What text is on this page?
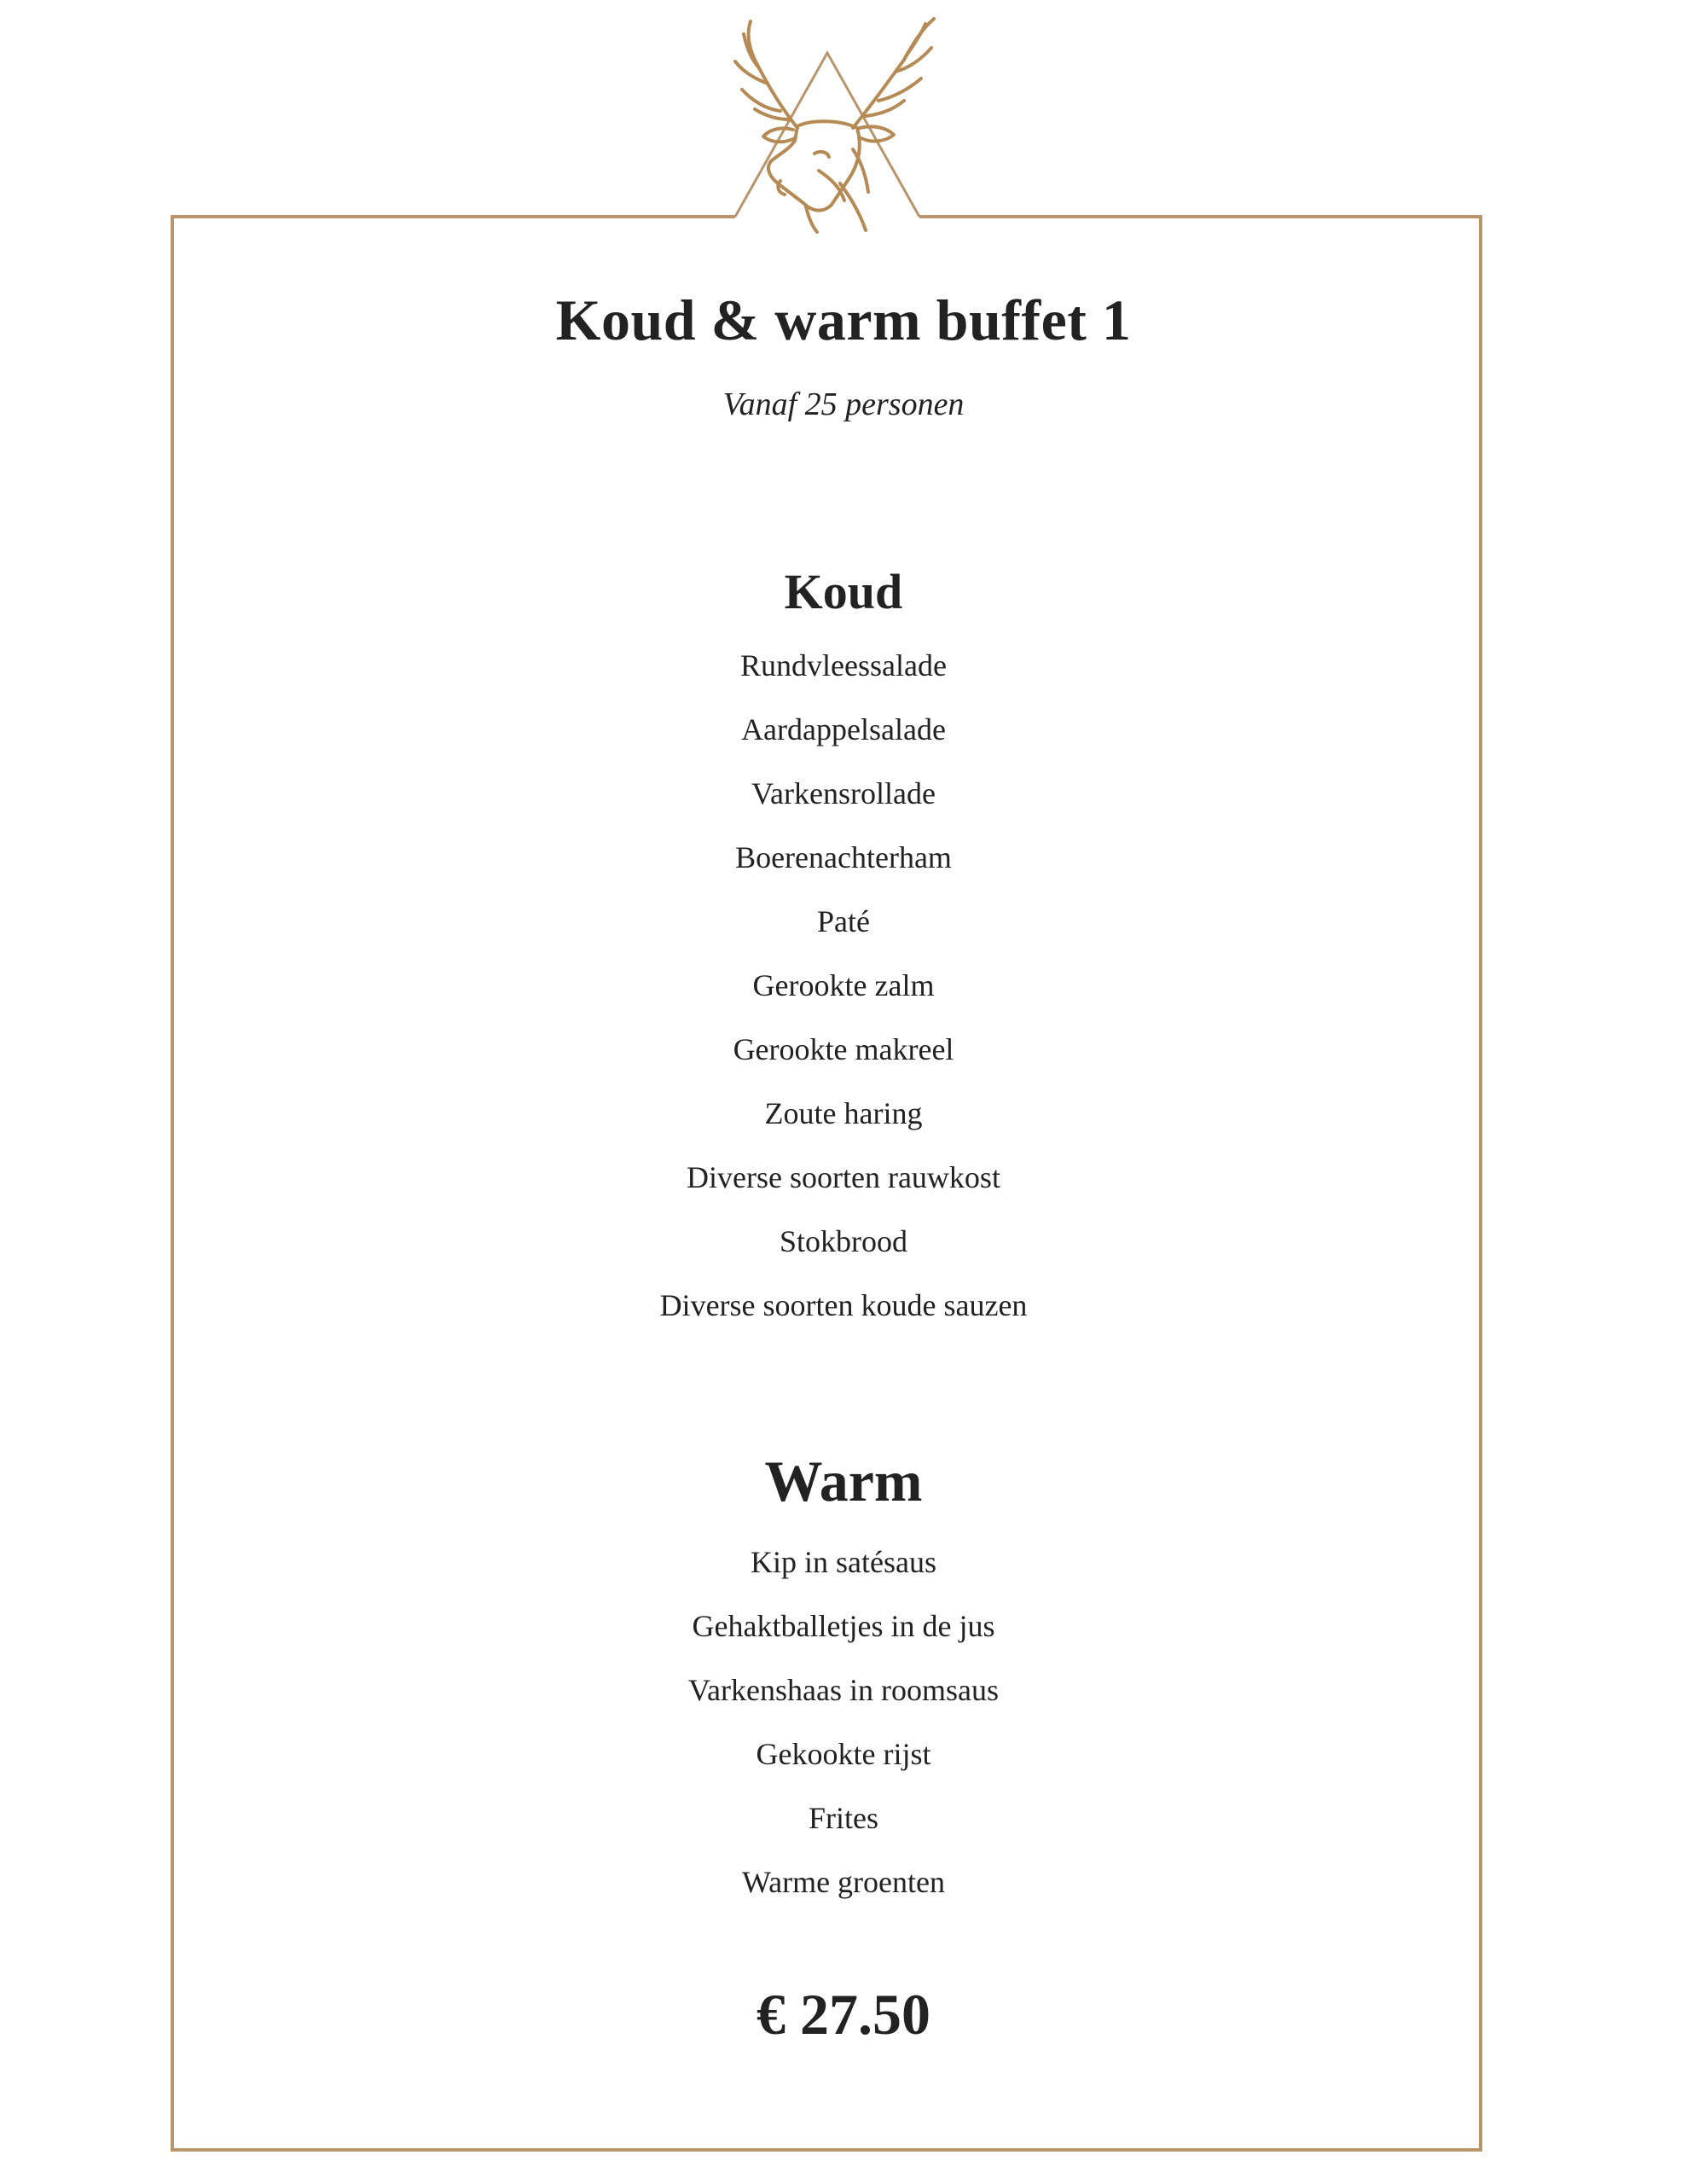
Koud & warm buffet 1

Vanaf 25 personen

Koud
Rundvleessalade
Aardappelsalade
Varkensrollade
Boerenachterham
Paté
Gerookte zalm
Gerookte makreel
Zoute haring
Diverse soorten rauwkost
Stokbrood
Diverse soorten koude sauzen
Warm
Kip in satésaus
Gehaktballetjes in de jus
Varkenshaas in roomsaus
Gekookte rijst
Frites
Warme groenten

€ 27.50
